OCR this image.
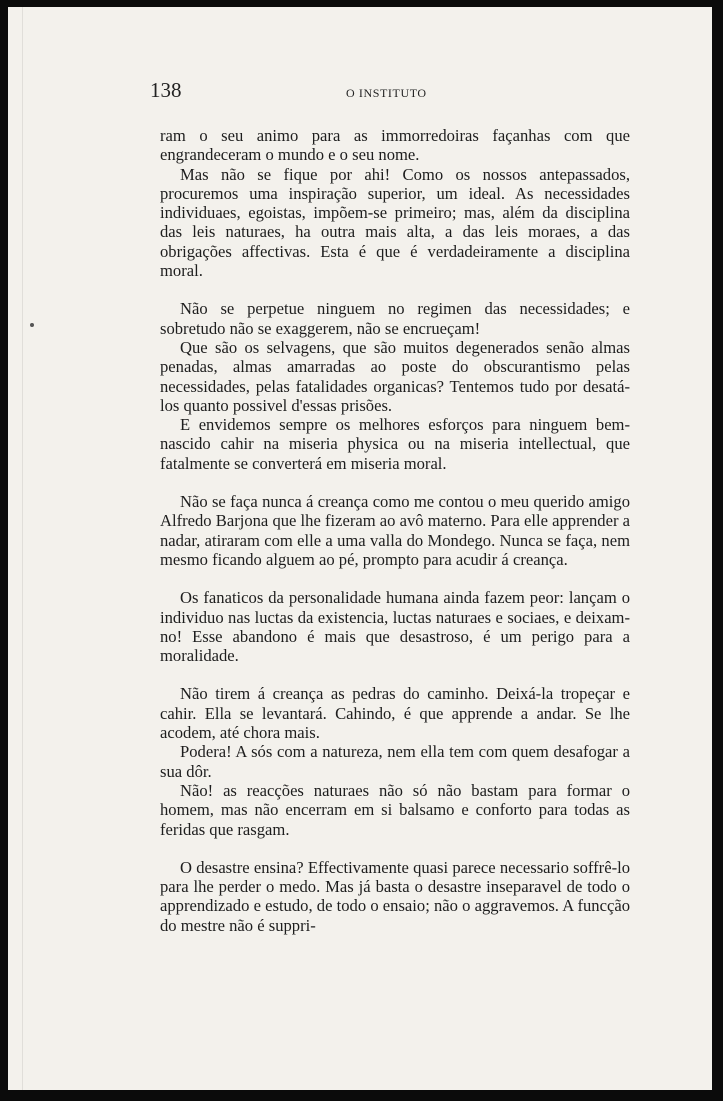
138	O INSTITUTO

ram o seu animo para as immorredoiras façanhas com que engrandeceram o mundo e o seu nome.

Mas não se fique por ahi! Como os nossos antepassados, procuremos uma inspiração superior, um ideal. As necessidades individuaes, egoistas, impõem-se primeiro; mas, além da disciplina das leis naturaes, ha outra mais alta, a das leis moraes, a das obrigações affectivas. Esta é que é verdadeiramente a disciplina moral.

Não se perpetue ninguem no regimen das necessidades; e sobretudo não se exaggerem, não se encrueçam!

Que são os selvagens, que são muitos degenerados senão almas penadas, almas amarradas ao poste do obscurantismo pelas necessidades, pelas fatalidades organicas? Tentemos tudo por desatá-los quanto possivel d'essas prisões.

E envidemos sempre os melhores esforços para ninguem bem-nascido cahir na miseria physica ou na miseria intellectual, que fatalmente se converterá em miseria moral.

Não se faça nunca á creança como me contou o meu querido amigo Alfredo Barjona que lhe fizeram ao avô materno. Para elle apprender a nadar, atiraram com elle a uma valla do Mondego. Nunca se faça, nem mesmo ficando alguem ao pé, prompto para acudir á creança.

Os fanaticos da personalidade humana ainda fazem peor: lançam o individuo nas luctas da existencia, luctas naturaes e sociaes, e deixam-no! Esse abandono é mais que desastroso, é um perigo para a moralidade.

Não tirem á creança as pedras do caminho. Deixá-la tropeçar e cahir. Ella se levantará. Cahindo, é que apprende a andar. Se lhe acodem, até chora mais.

Podera! A sós com a natureza, nem ella tem com quem desafogar a sua dôr.

Não! as reacções naturaes não só não bastam para formar o homem, mas não encerram em si balsamo e conforto para todas as feridas que rasgam.

O desastre ensina? Effectivamente quasi parece necessario soffrê-lo para lhe perder o medo. Mas já basta o desastre inseparavel de todo o apprendizado e estudo, de todo o ensaio; não o aggravemos. A funcção do mestre não é suppri-
